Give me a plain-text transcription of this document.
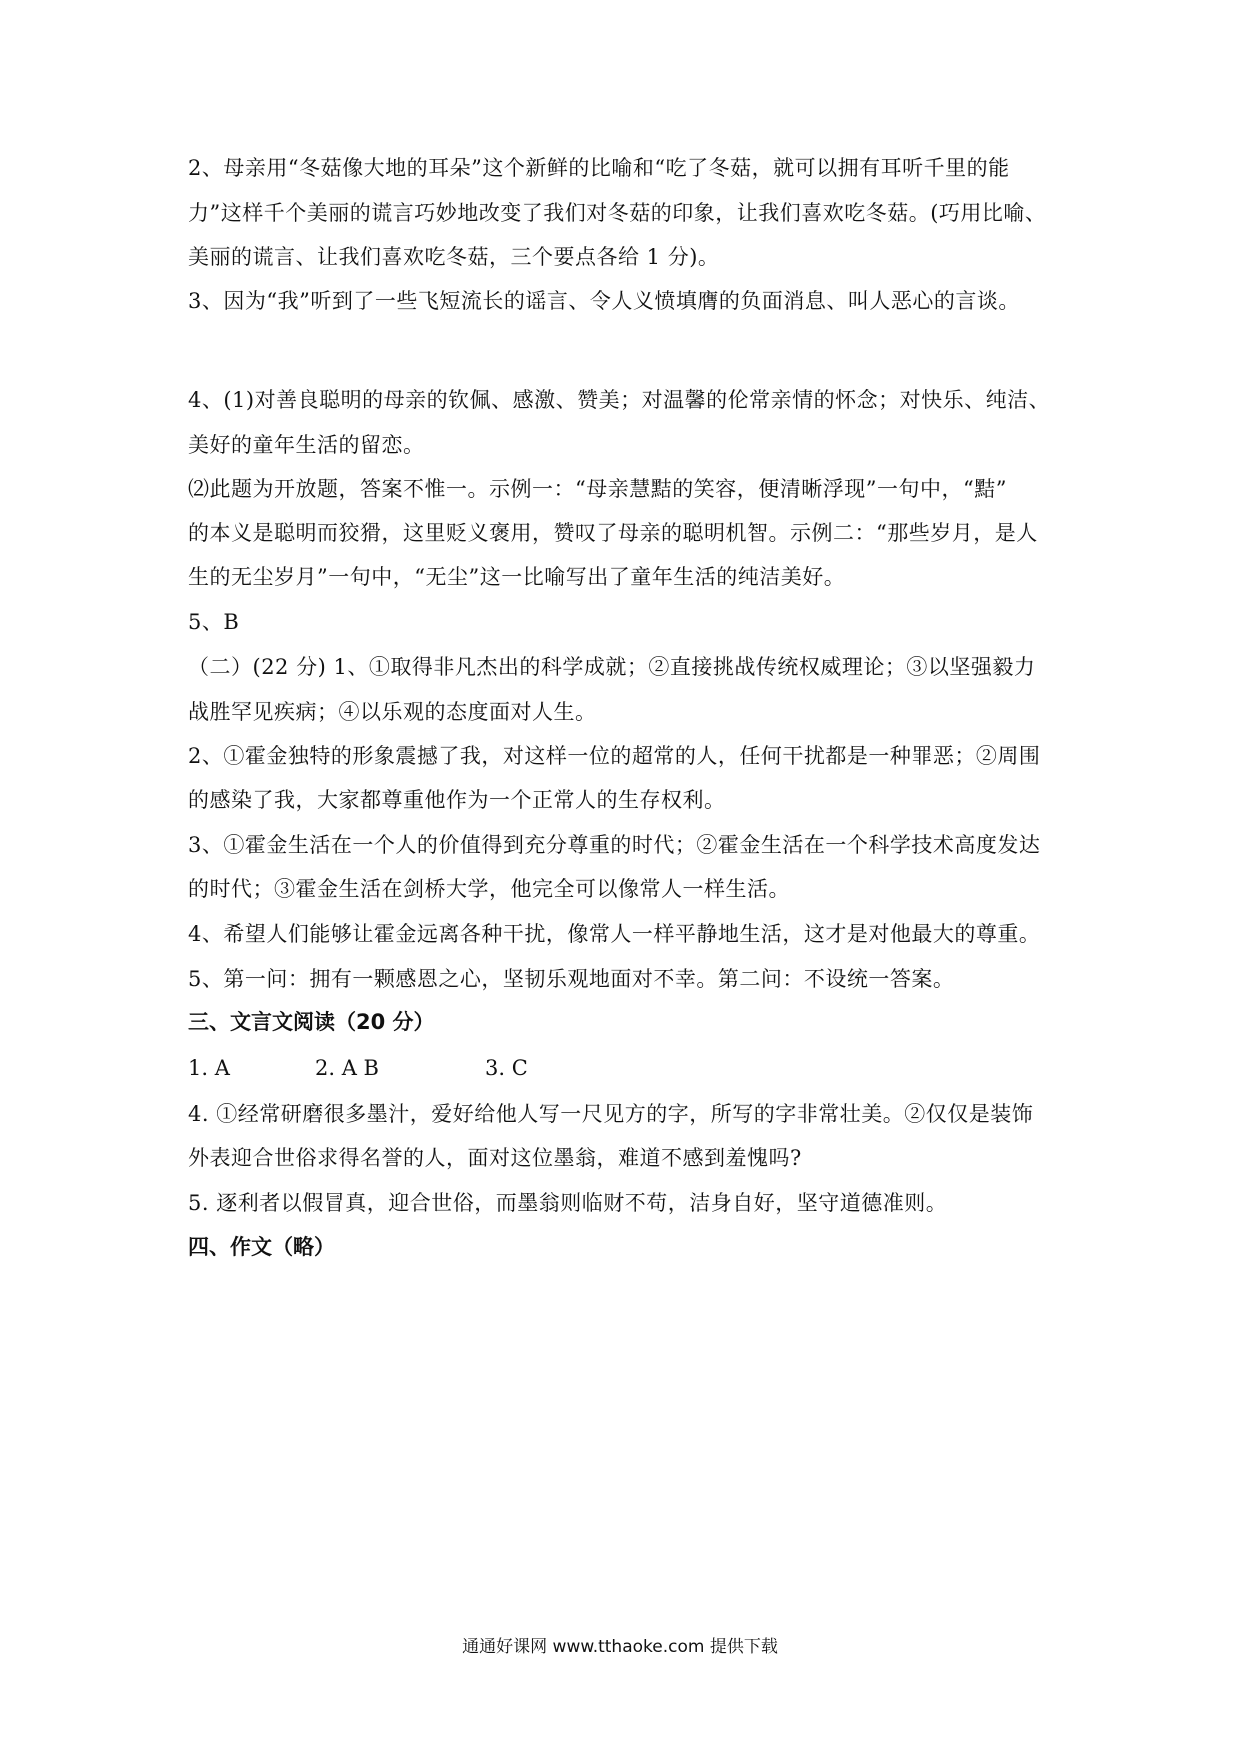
2、母亲用“冬菇像大地的耳朵”这个新鲜的比喻和“吃了冬菇，就可以拥有耳听千里的能
力”这样千个美丽的谎言巧妙地改变了我们对冬菇的印象，让我们喜欢吃冬菇。(巧用比喻、
美丽的谎言、让我们喜欢吃冬菇，三个要点各给 1 分)。
3、因为“我”听到了一些飞短流长的谣言、令人义愤填膺的负面消息、叫人恶心的言谈。
4、(1)对善良聪明的母亲的钦佩、感激、赞美；对温馨的伦常亲情的怀念；对快乐、纯洁、
美好的童年生活的留恋。
⑵此题为开放题，答案不惟一。示例一：“母亲慧黠的笑容，便清晰浮现”一句中，“黠”
的本义是聪明而狡猾，这里贬义褒用，赞叹了母亲的聪明机智。示例二：“那些岁月，是人
生的无尘岁月”一句中，“无尘”这一比喻写出了童年生活的纯洁美好。
5、B
（二）(22 分) 1、①取得非凡杰出的科学成就；②直接挑战传统权威理论；③以坚强毅力
战胜罕见疾病；④以乐观的态度面对人生。
2、①霍金独特的形象震撼了我，对这样一位的超常的人，任何干扰都是一种罪恶；②周围
的感染了我，大家都尊重他作为一个正常人的生存权利。
3、①霍金生活在一个人的价值得到充分尊重的时代；②霍金生活在一个科学技术高度发达
的时代；③霍金生活在剑桥大学，他完全可以像常人一样生活。
4、希望人们能够让霍金远离各种干扰，像常人一样平静地生活，这才是对他最大的尊重。
5、第一问：拥有一颗感恩之心，坚韧乐观地面对不幸。第二问：不设统一答案。
三、文言文阅读（20 分）
1. A	2. A B	3. C
4. ①经常研磨很多墨汁，爱好给他人写一尺见方的字，所写的字非常壮美。②仅仅是装饰
外表迎合世俗求得名誉的人，面对这位墨翁，难道不感到羞愧吗?
5. 逐利者以假冒真，迎合世俗，而墨翁则临财不苟，洁身自好，坚守道德准则。
四、作文（略）
通通好课网 www.tthaoke.com 提供下载
